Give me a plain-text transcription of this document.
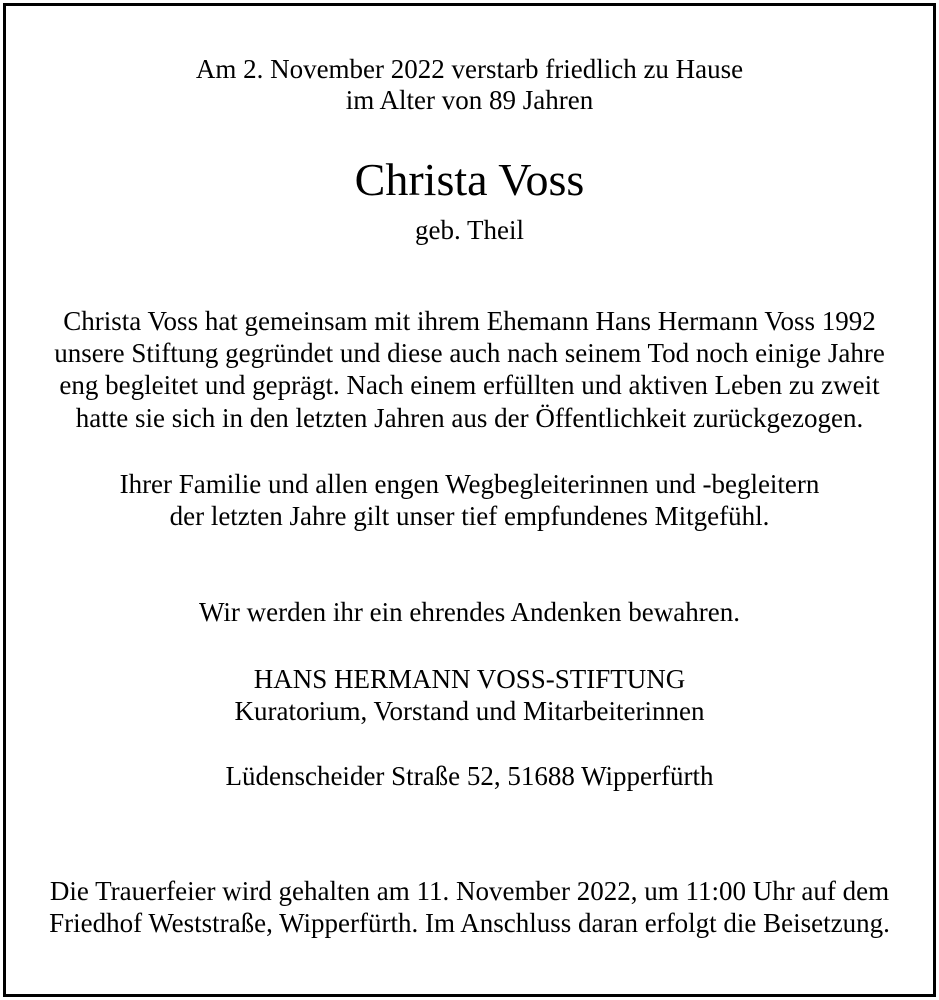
Am 2. November 2022 verstarb friedlich zu Hause
im Alter von 89 Jahren
Christa Voss
geb. Theil
Christa Voss hat gemeinsam mit ihrem Ehemann Hans Hermann Voss 1992
unsere Stiftung gegründet und diese auch nach seinem Tod noch einige Jahre
eng begleitet und geprägt. Nach einem erfüllten und aktiven Leben zu zweit
hatte sie sich in den letzten Jahren aus der Öffentlichkeit zurückgezogen.
Ihrer Familie und allen engen Wegbegleiterinnen und -begleitern
der letzten Jahre gilt unser tief empfundenes Mitgefühl.
Wir werden ihr ein ehrendes Andenken bewahren.
HANS HERMANN VOSS-STIFTUNG
Kuratorium, Vorstand und Mitarbeiterinnen
Lüdenscheider Straße 52, 51688 Wipperfürth
Die Trauerfeier wird gehalten am 11. November 2022, um 11:00 Uhr auf dem
Friedhof Weststraße, Wipperfürth. Im Anschluss daran erfolgt die Beisetzung.
